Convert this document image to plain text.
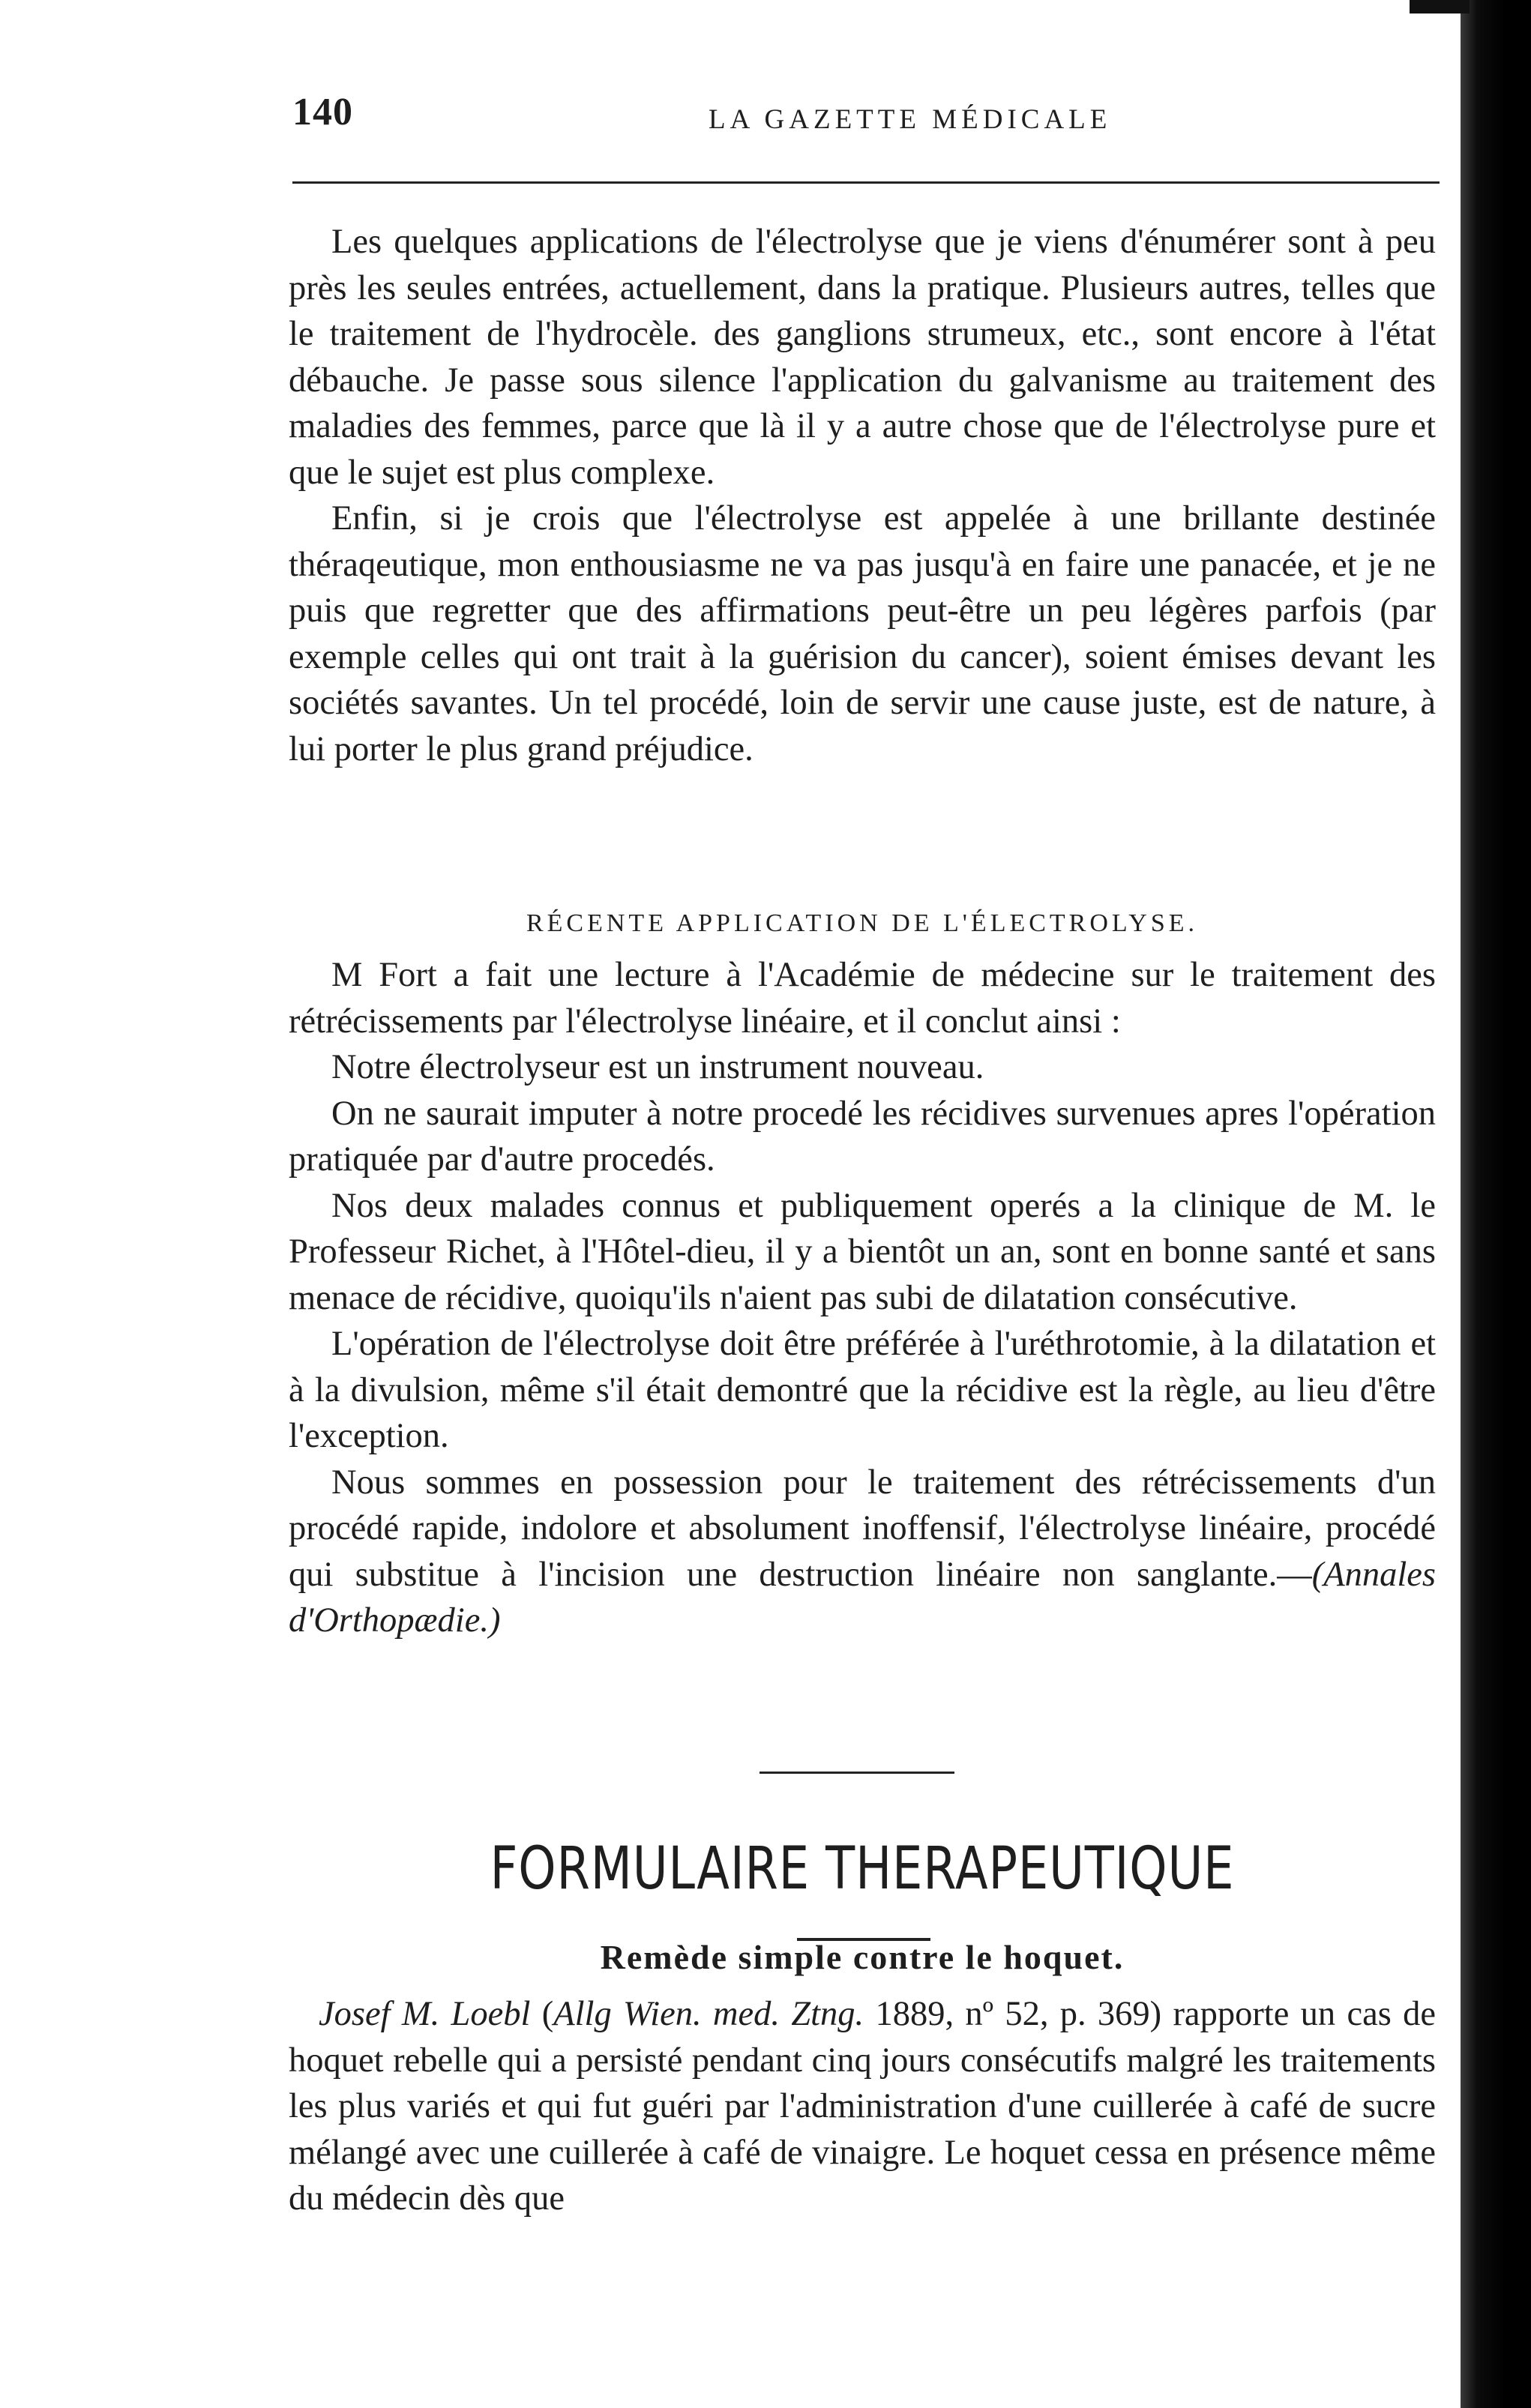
140	LA GAZETTE MÉDICALE

Les quelques applications de l'électrolyse que je viens d'énumérer sont à peu près les seules entrées, actuellement, dans la pratique. Plusieurs autres, telles que le traitement de l'hydrocèle. des ganglions strumeux, etc., sont encore à l'état débauche. Je passe sous silence l'application du galvanisme au traitement des maladies des femmes, parce que là il y a autre chose que de l'électrolyse pure et que le sujet est plus complexe.

Enfin, si je crois que l'électrolyse est appelée à une brillante destinée théraqeutique, mon enthousiasme ne va pas jusqu'à en faire une panacée, et je ne puis que regretter que des affirmations peut-être un peu légères parfois (par exemple celles qui ont trait à la guérision du cancer), soient émises devant les sociétés savantes. Un tel procédé, loin de servir une cause juste, est de nature, à lui porter le plus grand préjudice.

RÉCENTE APPLICATION DE L'ÉLECTROLYSE.

M Fort a fait une lecture à l'Académie de médecine sur le traitement des rétrécissements par l'électrolyse linéaire, et il conclut ainsi :

Notre électrolyseur est un instrument nouveau.

On ne saurait imputer à notre procedé les récidives survenues apres l'opération pratiquée par d'autre procedés.

Nos deux malades connus et publiquement operés a la clinique de M. le Professeur Richet, à l'Hôtel-dieu, il y a bientôt un an, sont en bonne santé et sans menace de récidive, quoiqu'ils n'aient pas subi de dilatation consécutive.

L'opération de l'électrolyse doit être préférée à l'uréthrotomie, à la dilatation et à la divulsion, même s'il était demontré que la récidive est la règle, au lieu d'être l'exception.

Nous sommes en possession pour le traitement des rétrécissements d'un procédé rapide, indolore et absolument inoffensif, l'électrolyse linéaire, procédé qui substitue à l'incision une destruction linéaire non sanglante.—(Annales d'Orthopædie.)

FORMULAIRE THERAPEUTIQUE
Remède simple contre le hoquet.

Josef M. Loebl (Allg Wien. med. Ztng. 1889, nº 52, p. 369) rapporte un cas de hoquet rebelle qui a persisté pendant cinq jours consécutifs malgré les traitements les plus variés et qui fut guéri par l'administration d'une cuillerée à café de sucre mélangé avec une cuillerée à café de vinaigre. Le hoquet cessa en présence même du médecin dès que
